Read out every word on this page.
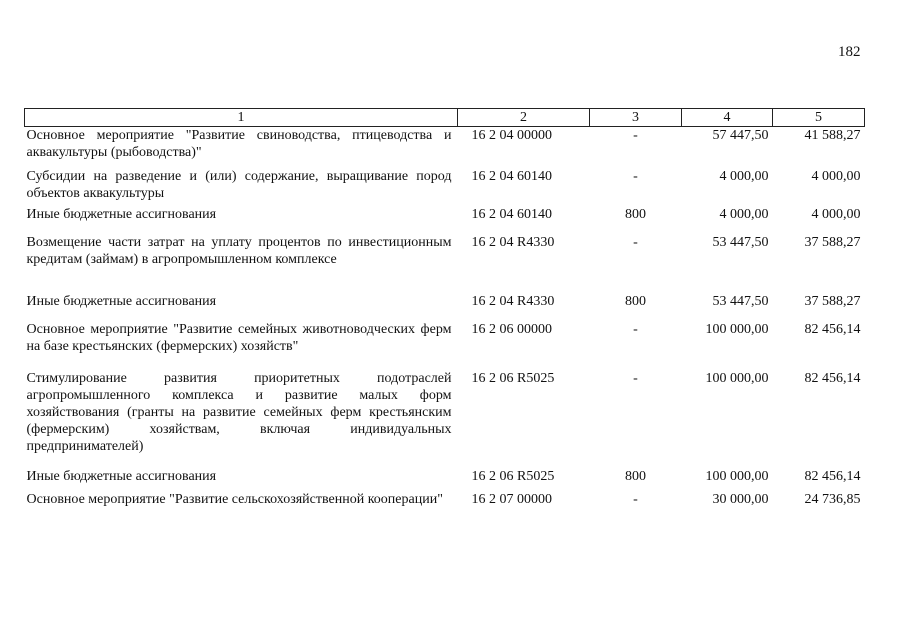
182
1	2	3	4	5
Основное мероприятие "Развитие свиноводства, птицеводства и аквакультуры (рыбоводства)"	16 2 04 00000	-	57 447,50	41 588,27
Субсидии на разведение и (или) содержание, выращивание пород объектов аквакультуры	16 2 04 60140	-	4 000,00	4 000,00
Иные бюджетные ассигнования	16 2 04 60140	800	4 000,00	4 000,00
Возмещение части затрат на уплату процентов по инвестиционным кредитам (займам) в агропромышленном комплексе	16 2 04 R4330	-	53 447,50	37 588,27
Иные бюджетные ассигнования	16 2 04 R4330	800	53 447,50	37 588,27
Основное мероприятие "Развитие семейных животноводческих ферм на базе крестьянских (фермерских) хозяйств"	16 2 06 00000	-	100 000,00	82 456,14
Стимулирование развития приоритетных подотраслей агропромышленного комплекса и развитие малых форм хозяйствования (гранты на развитие семейных ферм крестьянским (фермерским) хозяйствам, включая индивидуальных предпринимателей)	16 2 06 R5025	-	100 000,00	82 456,14
Иные бюджетные ассигнования	16 2 06 R5025	800	100 000,00	82 456,14
Основное мероприятие "Развитие сельскохозяйственной кооперации"	16 2 07 00000	-	30 000,00	24 736,85
